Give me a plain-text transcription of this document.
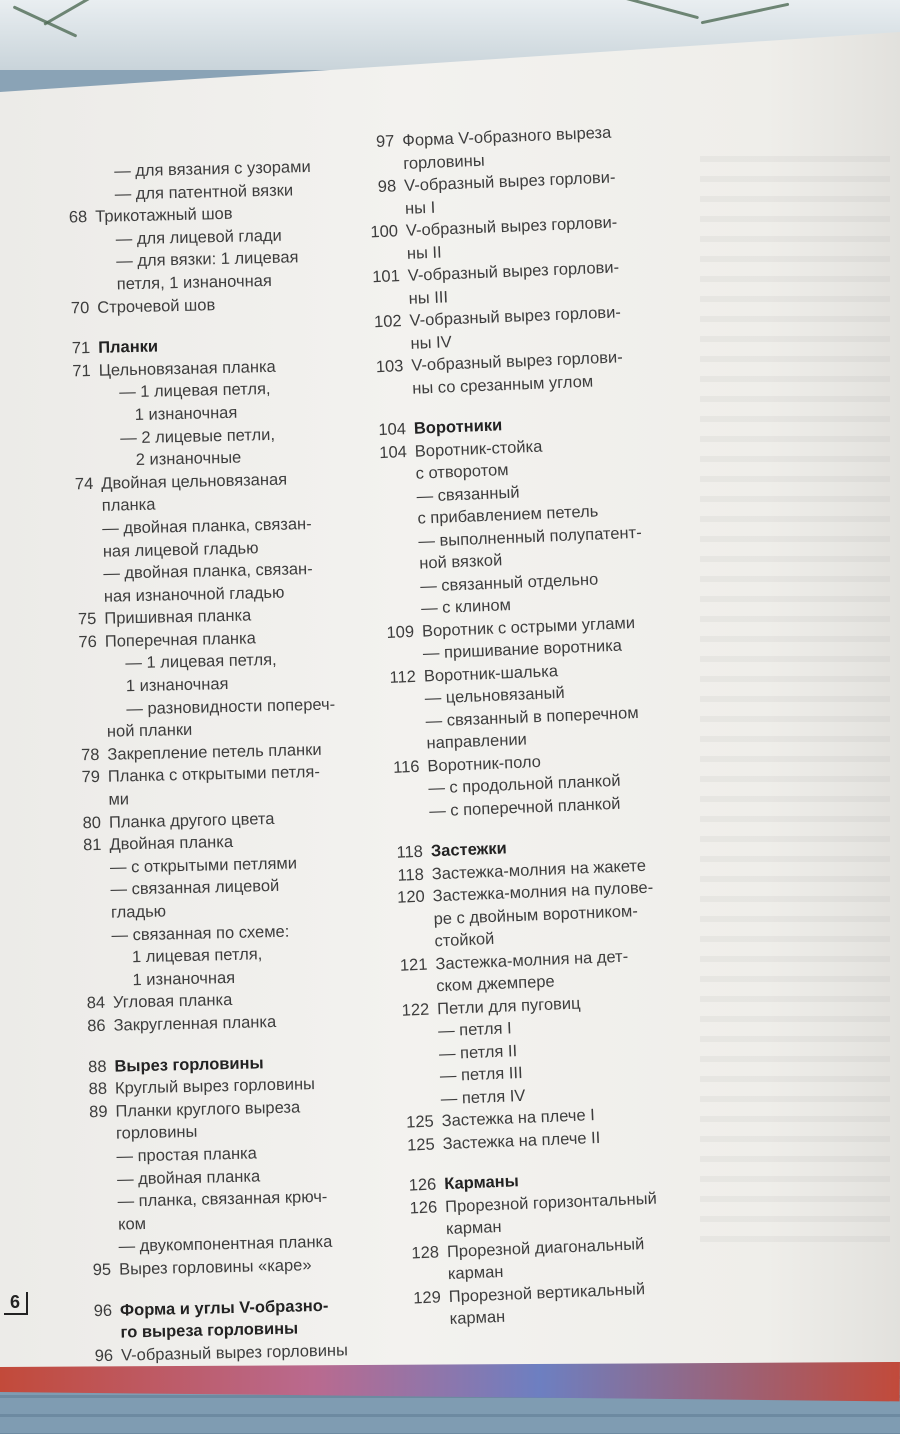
— для вязания с узорами
— для патентной вязки
68 Трикотажный шов
— для лицевой глади
— для вязки: 1 лицевая
петля, 1 изнаночная
70 Строчевой шов
71 Планки
71 Цельновязаная планка
— 1 лицевая петля,
1 изнаночная
— 2 лицевые петли,
2 изнаночные
74 Двойная цельновязаная
планка
— двойная планка, связан-
ная лицевой гладью
— двойная планка, связан-
ная изнаночной гладью
75 Пришивная планка
76 Поперечная планка
— 1 лицевая петля,
1 изнаночная
— разновидности попереч-
ной планки
78 Закрепление петель планки
79 Планка с открытыми петля-
ми
80 Планка другого цвета
81 Двойная планка
— с открытыми петлями
— связанная лицевой
гладью
— связанная по схеме:
1 лицевая петля,
1 изнаночная
84 Угловая планка
86 Закругленная планка
88 Вырез горловины
88 Круглый вырез горловины
89 Планки круглого выреза
горловины
— простая планка
— двойная планка
— планка, связанная крюч-
ком
— двукомпонентная планка
95 Вырез горловины «каре»
96 Форма и углы V-образно-
го выреза горловины
96 V-образный вырез горловины
97 Форма V-образного выреза
горловины
98 V-образный вырез горлови-
ны I
100 V-образный вырез горлови-
ны II
101 V-образный вырез горлови-
ны III
102 V-образный вырез горлови-
ны IV
103 V-образный вырез горлови-
ны со срезанным углом
104 Воротники
104 Воротник-стойка
с отворотом
— связанный
с прибавлением петель
— выполненный полупатент-
ной вязкой
— связанный отдельно
— с клином
109 Воротник с острыми углами
— пришивание воротника
112 Воротник-шалька
— цельновязаный
— связанный в поперечном
направлении
116 Воротник-поло
— с продольной планкой
— с поперечной планкой
118 Застежки
118 Застежка-молния на жакете
120 Застежка-молния на пулове-
ре с двойным воротником-
стойкой
121 Застежка-молния на дет-
ском джемпере
122 Петли для пуговиц
— петля I
— петля II
— петля III
— петля IV
125 Застежка на плече I
125 Застежка на плече II
126 Карманы
126 Прорезной горизонтальный
карман
128 Прорезной диагональный
карман
129 Прорезной вертикальный
карман
6
